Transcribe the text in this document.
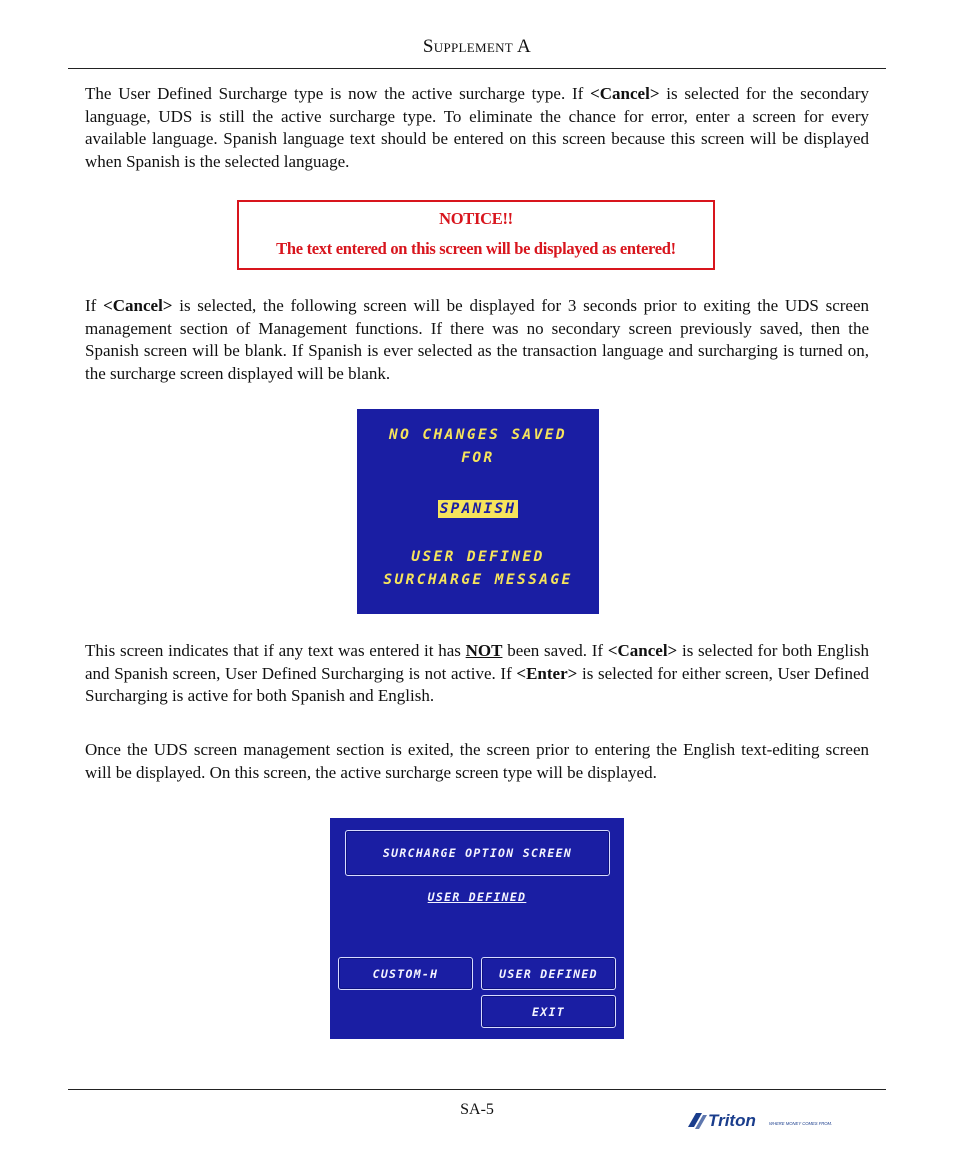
Supplement A

The User Defined Surcharge type is now the active surcharge type. If <Cancel> is selected for the secondary language, UDS is still the active surcharge type. To eliminate the chance for error, enter a screen for every available language. Spanish language text should be entered on this screen because this screen will be displayed when Spanish is the selected language.

NOTICE!!
The text entered on this screen will be displayed as entered!

If <Cancel> is selected, the following screen will be displayed for 3 seconds prior to exiting the UDS screen management section of Management functions. If there was no secondary screen previously saved, then the Spanish screen will be blank. If Spanish is ever selected as the transaction language and surcharging is turned on, the surcharge screen displayed will be blank.

NO CHANGES SAVED
FOR
SPANISH
USER DEFINED
SURCHARGE MESSAGE

This screen indicates that if any text was entered it has NOT been saved. If <Cancel> is selected for both English and Spanish screen, User Defined Surcharging is not active. If <Enter> is selected for either screen, User Defined Surcharging is active for both Spanish and English.

Once the UDS screen management section is exited, the screen prior to entering the English text-editing screen will be displayed. On this screen, the active surcharge screen type will be displayed.

SURCHARGE OPTION SCREEN
USER DEFINED
CUSTOM-H	USER DEFINED
EXIT
SA-5
Triton	WHERE MONEY COMES FROM.
